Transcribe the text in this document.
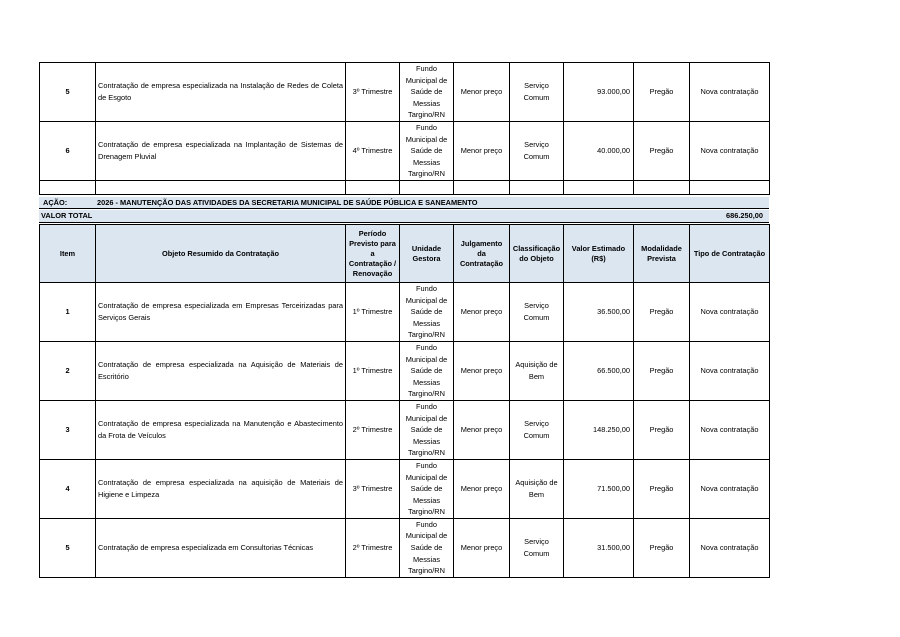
5	Contratação de empresa especializada na Instalação de Redes de Coleta de Esgoto	3º Trimestre	Fundo Municipal de Saúde de Messias Targino/RN	Menor preço	Serviço Comum	93.000,00	Pregão	Nova contratação
6	Contratação de empresa especializada na Implantação de Sistemas de Drenagem Pluvial	4º Trimestre	Fundo Municipal de Saúde de Messias Targino/RN	Menor preço	Serviço Comum	40.000,00	Pregão	Nova contratação

AÇÃO:	2026 - MANUTENÇÃO DAS ATIVIDADES DA SECRETARIA MUNICIPAL DE SAÚDE PÚBLICA E SANEAMENTO
VALOR TOTAL	686.250,00
Item	Objeto Resumido da Contratação	Período Previsto para a Contratação / Renovação	Unidade Gestora	Julgamento da Contratação	Classificação do Objeto	Valor Estimado (R$)	Modalidade Prevista	Tipo de Contratação
1	Contratação de empresa especializada em Empresas Terceirizadas para Serviços Gerais	1º Trimestre	Fundo Municipal de Saúde de Messias Targino/RN	Menor preço	Serviço Comum	36.500,00	Pregão	Nova contratação
2	Contratação de empresa especializada na Aquisição de Materiais de Escritório	1º Trimestre	Fundo Municipal de Saúde de Messias Targino/RN	Menor preço	Aquisição de Bem	66.500,00	Pregão	Nova contratação
3	Contratação de empresa especializada na Manutenção e Abastecimento da Frota de Veículos	2º Trimestre	Fundo Municipal de Saúde de Messias Targino/RN	Menor preço	Serviço Comum	148.250,00	Pregão	Nova contratação
4	Contratação de empresa especializada na aquisição de Materiais de Higiene e Limpeza	3º Trimestre	Fundo Municipal de Saúde de Messias Targino/RN	Menor preço	Aquisição de Bem	71.500,00	Pregão	Nova contratação
5	Contratação de empresa especializada em Consultorias Técnicas	2º Trimestre	Fundo Municipal de Saúde de Messias Targino/RN	Menor preço	Serviço Comum	31.500,00	Pregão	Nova contratação
